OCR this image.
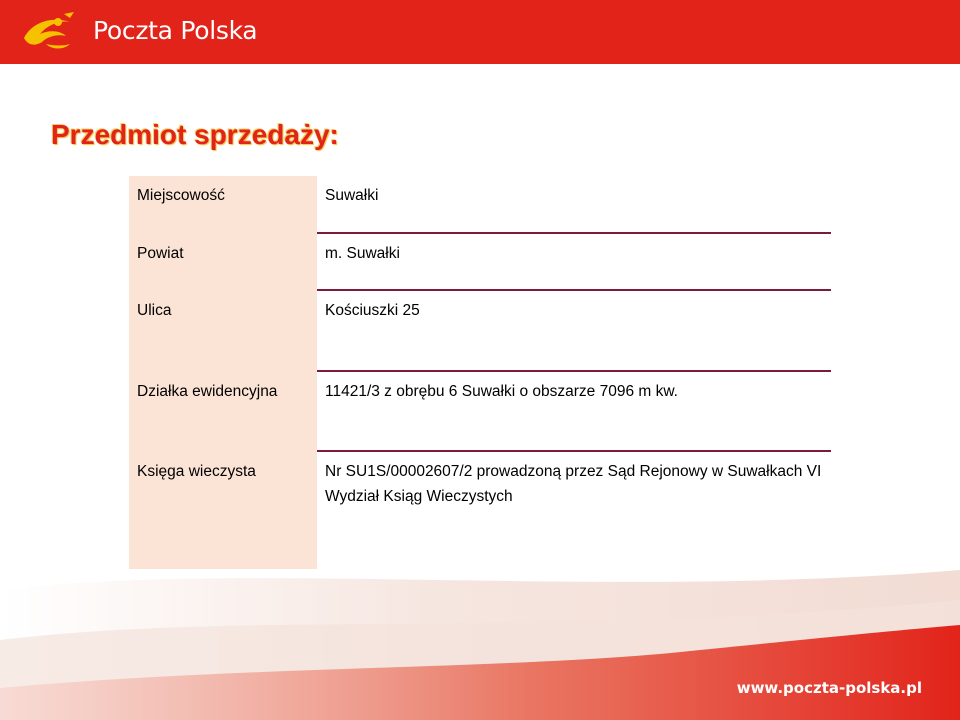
Poczta Polska
Przedmiot sprzedaży:
Miejscowość	Suwałki
Powiat	m. Suwałki
Ulica	Kościuszki 25
Działka ewidencyjna	11421/3 z obrębu 6 Suwałki o obszarze 7096 m kw.
Księga wieczysta	Nr SU1S/00002607/2 prowadzoną przez Sąd Rejonowy w Suwałkach VI Wydział Ksiąg Wieczystych
www.poczta-polska.pl
